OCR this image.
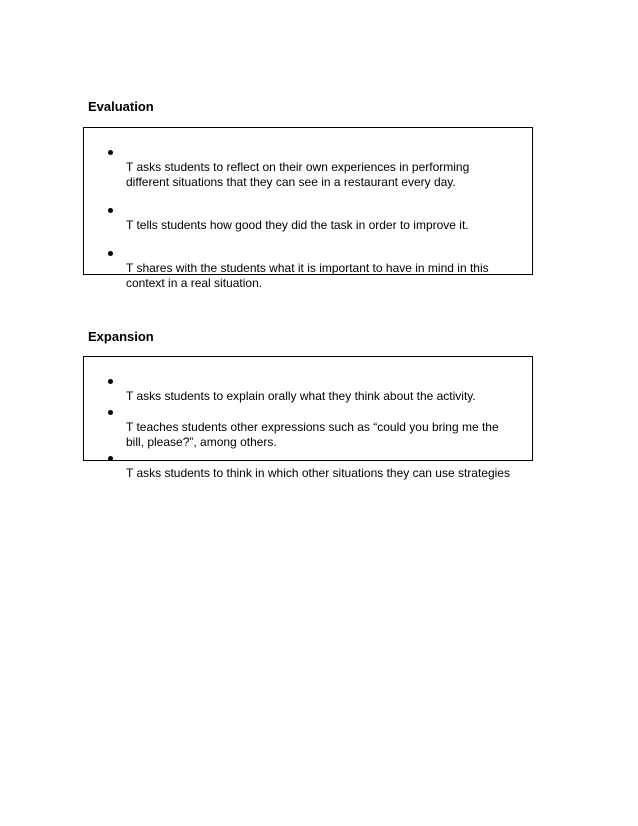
Evaluation

T asks students to reflect on their own experiences in performing
different situations that they can see in a restaurant every day.

T tells students how good they did the task in order to improve it.

T shares with the students what it is important to have in mind in this
context in a real situation.

Expansion

T asks students to explain orally what they think about the activity.

T teaches students other expressions such as “could you bring me the
bill, please?”, among others.

T asks students to think in which other situations they can use strategies
